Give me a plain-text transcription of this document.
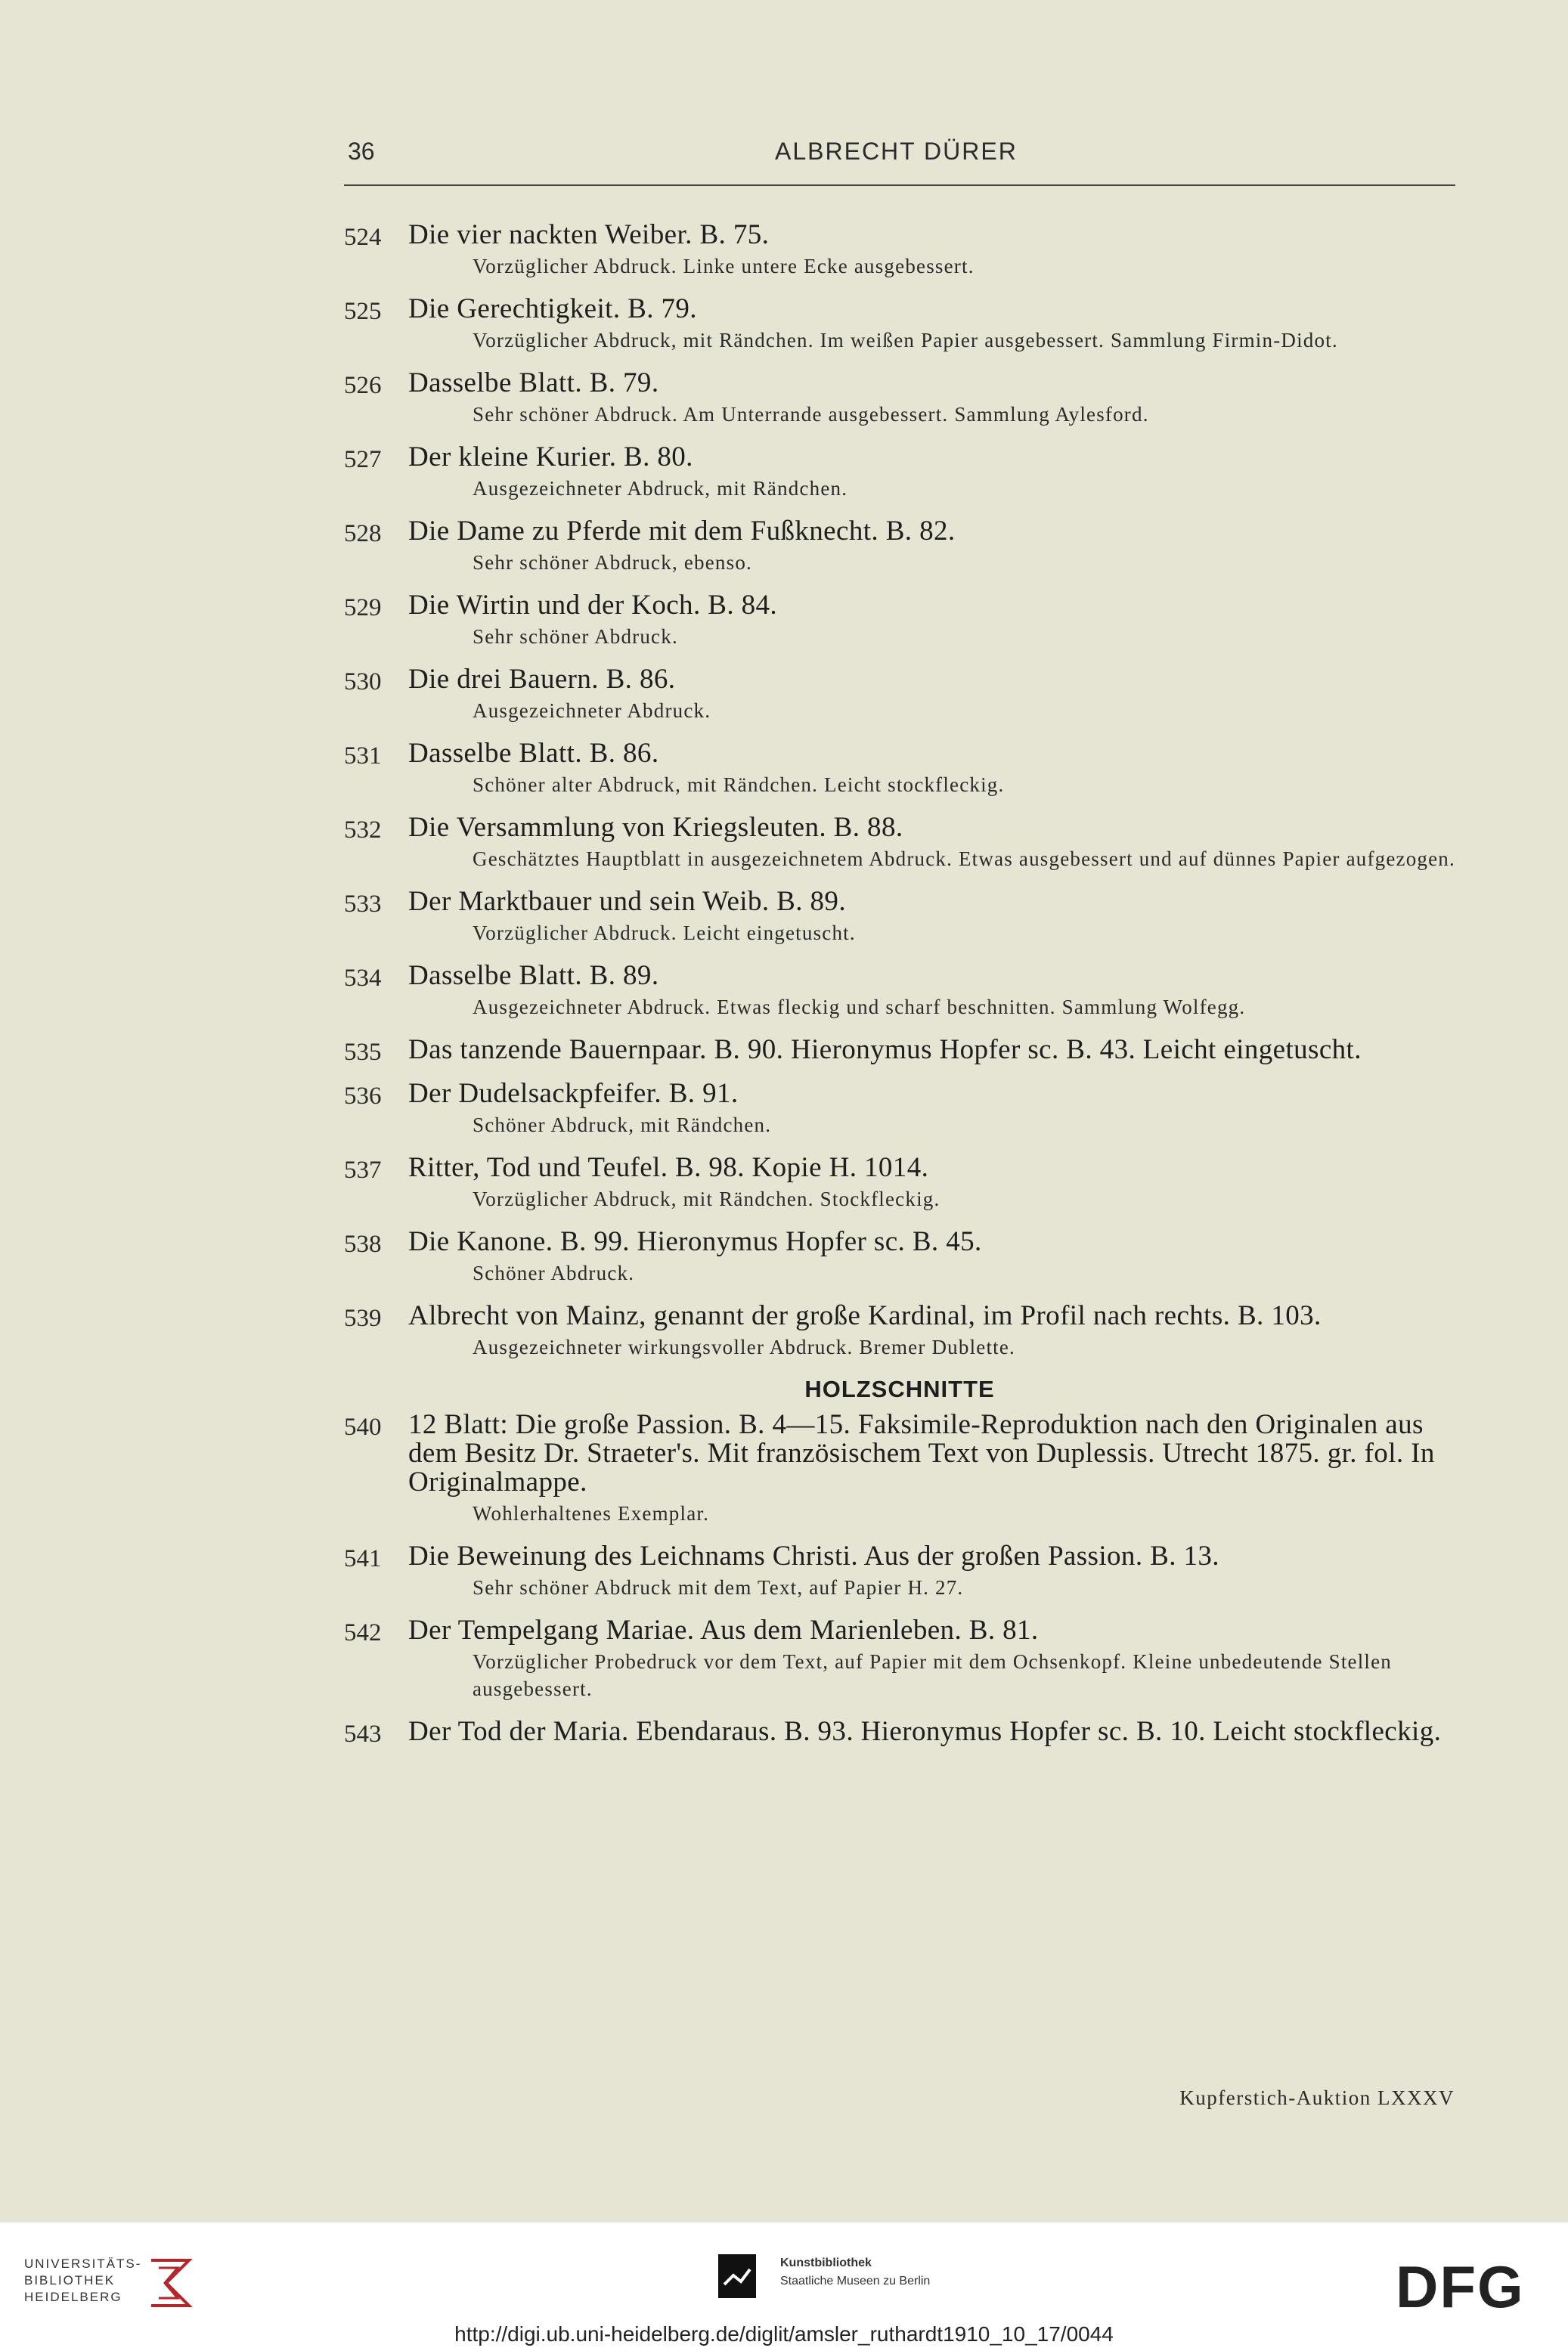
36	ALBRECHT DÜRER
524 Die vier nackten Weiber. B. 75.
Vorzüglicher Abdruck. Linke untere Ecke ausgebessert.
525 Die Gerechtigkeit. B. 79.
Vorzüglicher Abdruck, mit Rändchen. Im weißen Papier ausgebessert. Sammlung Firmin-Didot.
526 Dasselbe Blatt. B. 79.
Sehr schöner Abdruck. Am Unterrande ausgebessert. Sammlung Aylesford.
527 Der kleine Kurier. B. 80.
Ausgezeichneter Abdruck, mit Rändchen.
528 Die Dame zu Pferde mit dem Fußknecht. B. 82.
Sehr schöner Abdruck, ebenso.
529 Die Wirtin und der Koch. B. 84.
Sehr schöner Abdruck.
530 Die drei Bauern. B. 86.
Ausgezeichneter Abdruck.
531 Dasselbe Blatt. B. 86.
Schöner alter Abdruck, mit Rändchen. Leicht stockfleckig.
532 Die Versammlung von Kriegsleuten. B. 88.
Geschätztes Hauptblatt in ausgezeichnetem Abdruck. Etwas ausgebessert und auf dünnes Papier aufgezogen.
533 Der Marktbauer und sein Weib. B. 89.
Vorzüglicher Abdruck. Leicht eingetuscht.
534 Dasselbe Blatt. B. 89.
Ausgezeichneter Abdruck. Etwas fleckig und scharf beschnitten. Sammlung Wolfegg.
535 Das tanzende Bauernpaar. B. 90. Hieronymus Hopfer sc. B. 43. Leicht eingetuscht.
536 Der Dudelsackpfeifer. B. 91.
Schöner Abdruck, mit Rändchen.
537 Ritter, Tod und Teufel. B. 98. Kopie H. 1014.
Vorzüglicher Abdruck, mit Rändchen. Stockfleckig.
538 Die Kanone. B. 99. Hieronymus Hopfer sc. B. 45.
Schöner Abdruck.
539 Albrecht von Mainz, genannt der große Kardinal, im Profil nach rechts. B. 103.
Ausgezeichneter wirkungsvoller Abdruck. Bremer Dublette.
HOLZSCHNITTE
540 12 Blatt: Die große Passion. B. 4—15. Faksimile-Reproduktion nach den Originalen aus dem Besitz Dr. Straeter's. Mit französischem Text von Duplessis. Utrecht 1875. gr. fol. In Originalmappe.
Wohlerhaltenes Exemplar.
541 Die Beweinung des Leichnams Christi. Aus der großen Passion. B. 13.
Sehr schöner Abdruck mit dem Text, auf Papier H. 27.
542 Der Tempelgang Mariae. Aus dem Marienleben. B. 81.
Vorzüglicher Probedruck vor dem Text, auf Papier mit dem Ochsenkopf. Kleine unbedeutende Stellen ausgebessert.
543 Der Tod der Maria. Ebendaraus. B. 93. Hieronymus Hopfer sc. B. 10. Leicht stockfleckig.
Kupferstich-Auktion LXXXV
UNIVERSITÄTS-
BIBLIOTHEK
HEIDELBERG
Kunstbibliothek
Staatliche Museen zu Berlin	DFG
http://digi.ub.uni-heidelberg.de/diglit/amsler_ruthardt1910_10_17/0044
